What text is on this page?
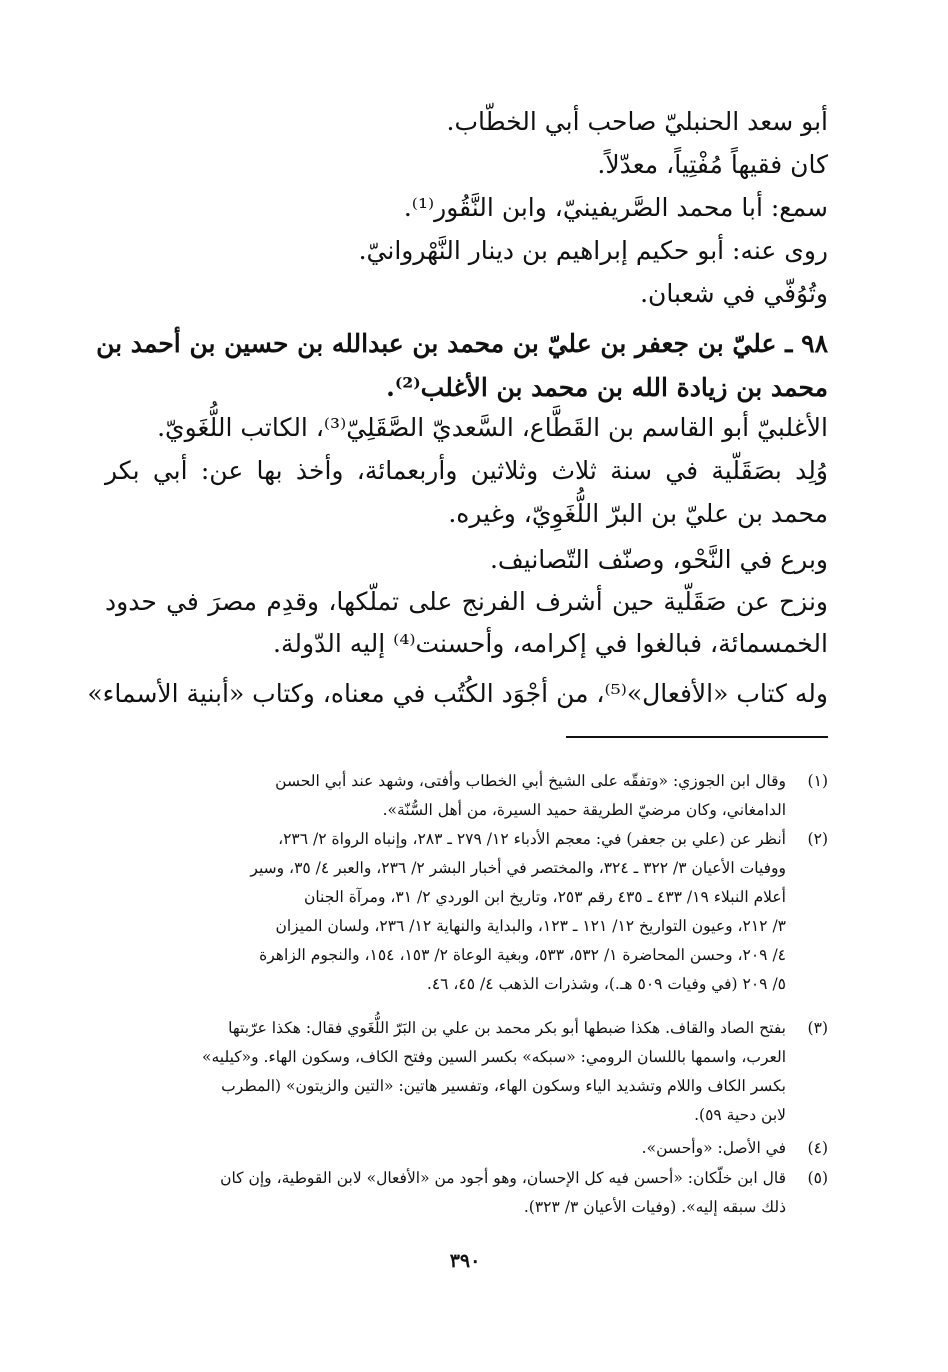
أبو سعد الحنبليّ صاحب أبي الخطّاب.
كان فقيهاً مُفْتِياً، معدّلاً.
سمع: أبا محمد الصَّريفينيّ، وابن النَّقُور⁽¹⁾.
روى عنه: أبو حكيم إبراهيم بن دينار النَّهْروانيّ.
وتُوُفّي في شعبان.
٩٨ ـ عليّ بن جعفر بن عليّ بن محمد بن عبدالله بن حسين بن أحمد بن
محمد بن زيادة الله بن محمد بن الأغلب⁽²⁾.
الأغلبيّ أبو القاسم بن القَطَّاع، السَّعديّ الصَّقَلِيّ⁽³⁾، الكاتب اللُّغَويّ.
وُلِد بصَقَلّية في سنة ثلاث وثلاثين وأربعمائة، وأخذ بها عن: أبي بكر
محمد بن عليّ بن البرّ اللُّغَوِيّ، وغيره.
وبرع في النَّحْو، وصنّف التّصانيف.
ونزح عن صَقَلّية حين أشرف الفرنج على تملّكها، وقدِم مصرَ في حدود
الخمسمائة، فبالغوا في إكرامه، وأحسنت⁽⁴⁾ إليه الدّولة.
وله كتاب «الأفعال»⁽⁵⁾، من أجْوَد الكُتُب في معناه، وكتاب «أبنية الأسماء»
(١)
وقال ابن الجوزي: «وتفقّه على الشيخ أبي الخطاب وأفتى، وشهد عند أبي الحسن
الدامغاني، وكان مرضيّ الطريقة حميد السيرة، من أهل السُّنّة».
(٢)
أنظر عن (علي بن جعفر) في: معجم الأدباء ١٢/ ٢٧٩ ـ ٢٨٣، وإنباه الرواة ٢/ ٢٣٦،
ووفيات الأعيان ٣/ ٣٢٢ ـ ٣٢٤، والمختصر في أخبار البشر ٢/ ٢٣٦، والعبر ٤/ ٣٥، وسير
أعلام النبلاء ١٩/ ٤٣٣ ـ ٤٣٥ رقم ٢٥٣، وتاريخ ابن الوردي ٢/ ٣١، ومرآة الجنان
٣/ ٢١٢، وعيون التواريخ ١٢/ ١٢١ ـ ١٢٣، والبداية والنهاية ١٢/ ٢٣٦، ولسان الميزان
٤/ ٢٠٩، وحسن المحاضرة ١/ ٥٣٢، ٥٣٣، وبغية الوعاة ٢/ ١٥٣، ١٥٤، والنجوم الزاهرة
٥/ ٢٠٩ (في وفيات ٥٠٩ هـ.)، وشذرات الذهب ٤/ ٤٥، ٤٦.
(٣)
بفتح الصاد والقاف. هكذا ضبطها أبو بكر محمد بن علي بن البَرّ اللُّغَوي فقال: هكذا عرّبتها
العرب، واسمها باللسان الرومي: «سبكه» بكسر السين وفتح الكاف، وسكون الهاء. و«كيليه»
بكسر الكاف واللام وتشديد الياء وسكون الهاء، وتفسير هاتين: «التين والزيتون» (المطرب
لابن دحية ٥٩).
(٤)
في الأصل: «وأحسن».
(٥)
قال ابن خلّكان: «أحسن فيه كل الإحسان، وهو أجود من «الأفعال» لابن القوطية، وإن كان
ذلك سبقه إليه». (وفيات الأعيان ٣/ ٣٢٣).
٣٩٠
